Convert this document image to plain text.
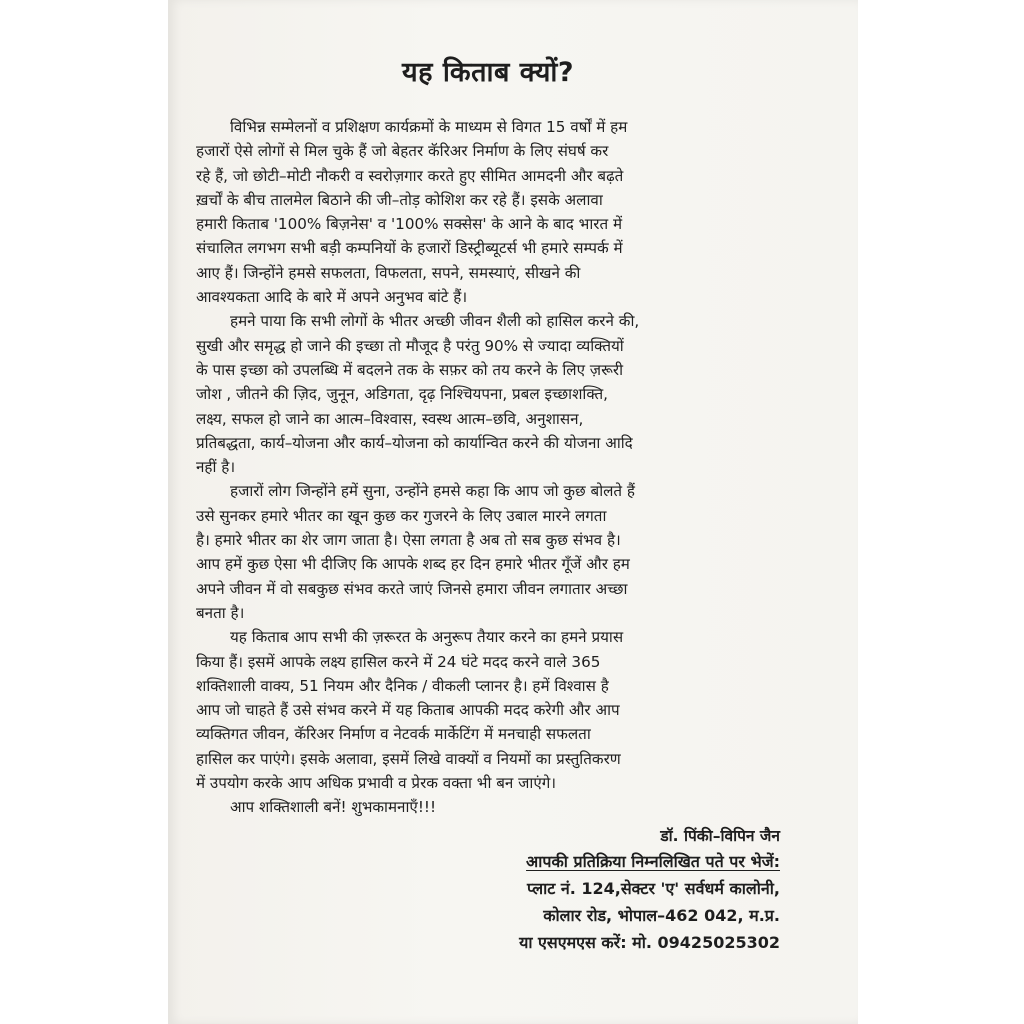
यह किताब क्यों?
विभिन्न सम्मेलनों व प्रशिक्षण कार्यक्रमों के माध्यम से विगत 15 वर्षों में हम
हजारों ऐसे लोगों से मिल चुके हैं जो बेहतर कॅरिअर निर्माण के लिए संघर्ष कर
रहे हैं, जो छोटी–मोटी नौकरी व स्वरोज़गार करते हुए सीमित आमदनी और बढ़ते
ख़र्चों के बीच तालमेल बिठाने की जी–तोड़ कोशिश कर रहे हैं। इसके अलावा
हमारी किताब '100% बिज़नेस' व '100% सक्सेस' के आने के बाद भारत में
संचालित लगभग सभी बड़ी कम्पनियों के हजारों डिस्ट्रीब्यूटर्स भी हमारे सम्पर्क में
आए हैं। जिन्होंने हमसे सफलता, विफलता, सपने, समस्याएं, सीखने की
आवश्यकता आदि के बारे में अपने अनुभव बांटे हैं।
हमने पाया कि सभी लोगों के भीतर अच्छी जीवन शैली को हासिल करने की,
सुखी और समृद्ध हो जाने की इच्छा तो मौजूद है परंतु 90% से ज्यादा व्यक्तियों
के पास इच्छा को उपलब्धि में बदलने तक के सफ़र को तय करने के लिए ज़रूरी
जोश , जीतने की ज़िद, जुनून, अडिगता, दृढ़ निश्चियपना, प्रबल इच्छाशक्ति,
लक्ष्य, सफल हो जाने का आत्म–विश्वास, स्वस्थ आत्म–छवि, अनुशासन,
प्रतिबद्धता, कार्य–योजना और कार्य–योजना को कार्यान्वित करने की योजना आदि
नहीं है।
हजारों लोग जिन्होंने हमें सुना, उन्होंने हमसे कहा कि आप जो कुछ बोलते हैं
उसे सुनकर हमारे भीतर का खून कुछ कर गुजरने के लिए उबाल मारने लगता
है। हमारे भीतर का शेर जाग जाता है। ऐसा लगता है अब तो सब कुछ संभव है।
आप हमें कुछ ऐसा भी दीजिए कि आपके शब्द हर दिन हमारे भीतर गूँजें और हम
अपने जीवन में वो सबकुछ संभव करते जाएं जिनसे हमारा जीवन लगातार अच्छा
बनता है।
यह किताब आप सभी की ज़रूरत के अनुरूप तैयार करने का हमने प्रयास
किया हैं। इसमें आपके लक्ष्य हासिल करने में 24 घंटे मदद करने वाले 365
शक्तिशाली वाक्य, 51 नियम और दैनिक / वीकली प्लानर है। हमें विश्वास है
आप जो चाहते हैं उसे संभव करने में यह किताब आपकी मदद करेगी और आप
व्यक्तिगत जीवन, कॅरिअर निर्माण व नेटवर्क मार्केटिंग में मनचाही सफलता
हासिल कर पाएंगे। इसके अलावा, इसमें लिखे वाक्यों व नियमों का प्रस्तुतिकरण
में उपयोग करके आप अधिक प्रभावी व प्रेरक वक्ता भी बन जाएंगे।
आप शक्तिशाली बनें! शुभकामनाएँ!!!
डॉ. पिंकी–विपिन जैन
आपकी प्रतिक्रिया निम्नलिखित पते पर भेजें:
प्लाट नं. 124,सेक्टर 'ए' सर्वधर्म कालोनी,
कोलार रोड, भोपाल–462 042, म.प्र.
या एसएमएस करें: मो. 09425025302
